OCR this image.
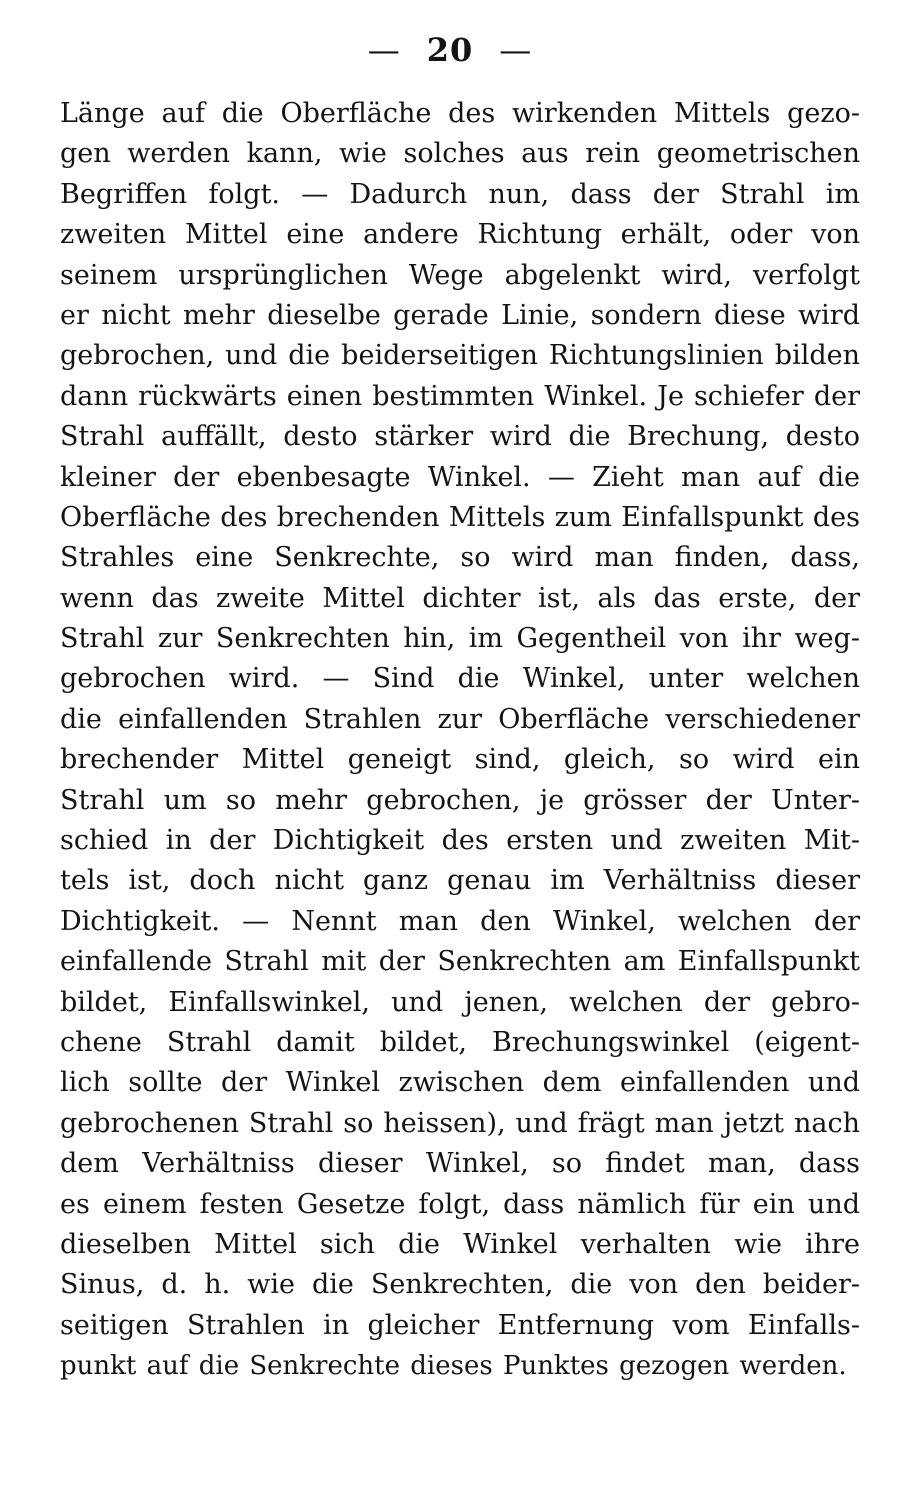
— 20 —
Länge auf die Oberfläche des wirkenden Mittels gezo-
gen werden kann, wie solches aus rein geometrischen
Begriffen folgt. — Dadurch nun, dass der Strahl im
zweiten Mittel eine andere Richtung erhält, oder von
seinem ursprünglichen Wege abgelenkt wird, verfolgt
er nicht mehr dieselbe gerade Linie, sondern diese wird
gebrochen, und die beiderseitigen Richtungslinien bilden
dann rückwärts einen bestimmten Winkel. Je schiefer der
Strahl auffällt, desto stärker wird die Brechung, desto
kleiner der ebenbesagte Winkel. — Zieht man auf die
Oberfläche des brechenden Mittels zum Einfallspunkt des
Strahles eine Senkrechte, so wird man finden, dass,
wenn das zweite Mittel dichter ist, als das erste, der
Strahl zur Senkrechten hin, im Gegentheil von ihr weg-
gebrochen wird. — Sind die Winkel, unter welchen
die einfallenden Strahlen zur Oberfläche verschiedener
brechender Mittel geneigt sind, gleich, so wird ein
Strahl um so mehr gebrochen, je grösser der Unter-
schied in der Dichtigkeit des ersten und zweiten Mit-
tels ist, doch nicht ganz genau im Verhältniss dieser
Dichtigkeit. — Nennt man den Winkel, welchen der
einfallende Strahl mit der Senkrechten am Einfallspunkt
bildet, Einfallswinkel, und jenen, welchen der gebro-
chene Strahl damit bildet, Brechungswinkel (eigent-
lich sollte der Winkel zwischen dem einfallenden und
gebrochenen Strahl so heissen), und frägt man jetzt nach
dem Verhältniss dieser Winkel, so findet man, dass
es einem festen Gesetze folgt, dass nämlich für ein und
dieselben Mittel sich die Winkel verhalten wie ihre
Sinus, d. h. wie die Senkrechten, die von den beider-
seitigen Strahlen in gleicher Entfernung vom Einfalls-
punkt auf die Senkrechte dieses Punktes gezogen werden.
